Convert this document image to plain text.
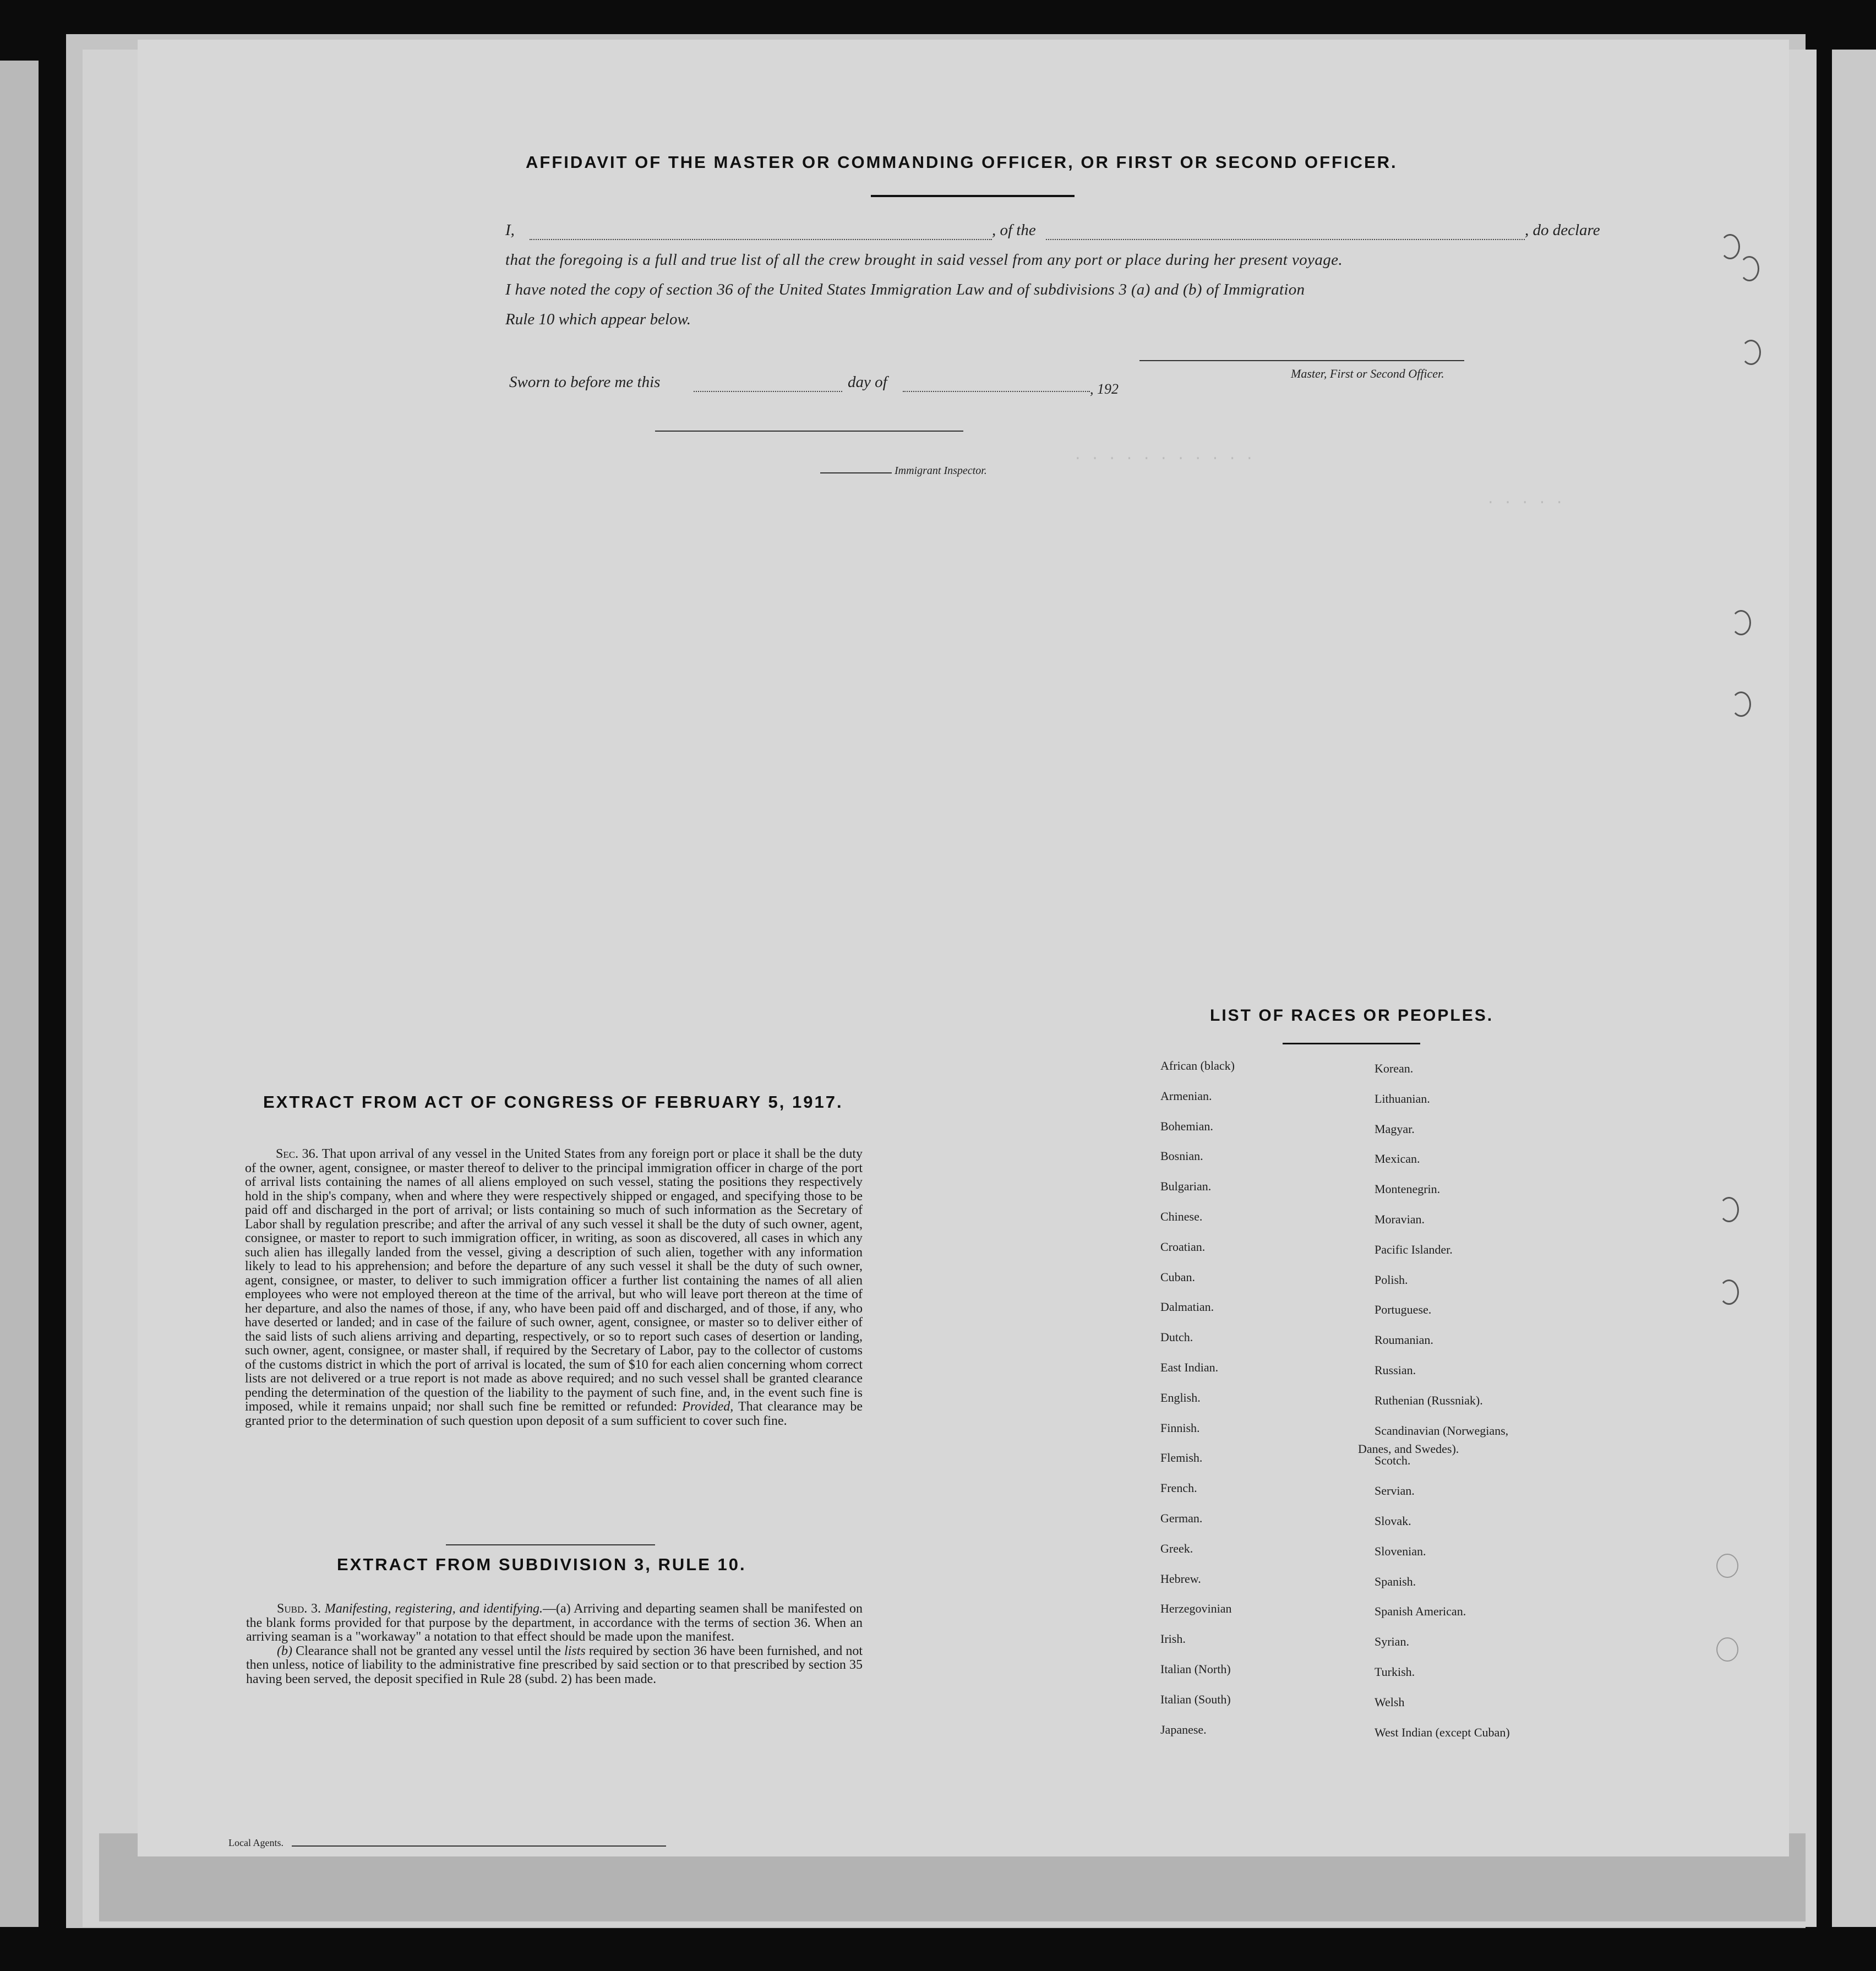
. . . . . . . . . . .
. . . . .
AFFIDAVIT OF THE MASTER OR COMMANDING OFFICER, OR FIRST OR SECOND OFFICER.
I,	, of the	, do declare
that the foregoing is a full and true list of all the crew brought in said vessel from any port or place during her present voyage.
I have noted the copy of section 36 of the United States Immigration Law and of subdivisions 3 (a) and (b) of Immigration
Rule 10 which appear below.
Master, First or Second Officer.
Sworn to before me this	day of	, 192
Immigrant Inspector.
EXTRACT FROM ACT OF CONGRESS OF FEBRUARY 5, 1917.

Sec. 36. That upon arrival of any vessel in the United States from any foreign port or place it shall be the duty of the owner, agent, consignee, or master thereof to deliver to the principal immigration officer in charge of the port of arrival lists containing the names of all aliens employed on such vessel, stating the positions they respectively hold in the ship's company, when and where they were respectively shipped or engaged, and specifying those to be paid off and discharged in the port of arrival; or lists containing so much of such information as the Secretary of Labor shall by regulation prescribe; and after the arrival of any such vessel it shall be the duty of such owner, agent, consignee, or master to report to such immigration officer, in writing, as soon as discovered, all cases in which any such alien has illegally landed from the vessel, giving a description of such alien, together with any information likely to lead to his apprehension; and before the departure of any such vessel it shall be the duty of such owner, agent, consignee, or master, to deliver to such immigration officer a further list containing the names of all alien employees who were not employed thereon at the time of the arrival, but who will leave port thereon at the time of her departure, and also the names of those, if any, who have been paid off and discharged, and of those, if any, who have deserted or landed; and in case of the failure of such owner, agent, consignee, or master so to deliver either of the said lists of such aliens arriving and departing, respectively, or so to report such cases of desertion or landing, such owner, agent, consignee, or master shall, if required by the Secretary of Labor, pay to the collector of customs of the customs district in which the port of arrival is located, the sum of $10 for each alien concerning whom correct lists are not delivered or a true report is not made as above required; and no such vessel shall be granted clearance pending the determination of the question of the liability to the payment of such fine, and, in the event such fine is imposed, while it remains unpaid; nor shall such fine be remitted or refunded: Provided, That clearance may be granted prior to the determination of such question upon deposit of a sum sufficient to cover such fine.

EXTRACT FROM SUBDIVISION 3, RULE 10.

Subd. 3. Manifesting, registering, and identifying.—(a) Arriving and departing seamen shall be manifested on the blank forms provided for that purpose by the department, in accordance with the terms of section 36. When an arriving seaman is a "workaway" a notation to that effect should be made upon the manifest.

(b) Clearance shall not be granted any vessel until the lists required by section 36 have been furnished, and not then unless, notice of liability to the administrative fine prescribed by said section or to that prescribed by section 35 having been served, the deposit specified in Rule 28 (subd. 2) has been made.

LIST OF RACES OR PEOPLES.
Danes, and Swedes).
Local Agents.
African (black)
Armenian.
Bohemian.
Bosnian.
Bulgarian.
Chinese.
Croatian.
Cuban.
Dalmatian.
Dutch.
East Indian.
English.
Finnish.
Flemish.
French.
German.
Greek.
Hebrew.
Herzegovinian
Irish.
Italian (North)
Italian (South)
Japanese.
Korean.
Lithuanian.
Magyar.
Mexican.
Montenegrin.
Moravian.
Pacific Islander.
Polish.
Portuguese.
Roumanian.
Russian.
Ruthenian (Russniak).
Scandinavian (Norwegians,
Scotch.
Servian.
Slovak.
Slovenian.
Spanish.
Spanish American.
Syrian.
Turkish.
Welsh
West Indian (except Cuban)
